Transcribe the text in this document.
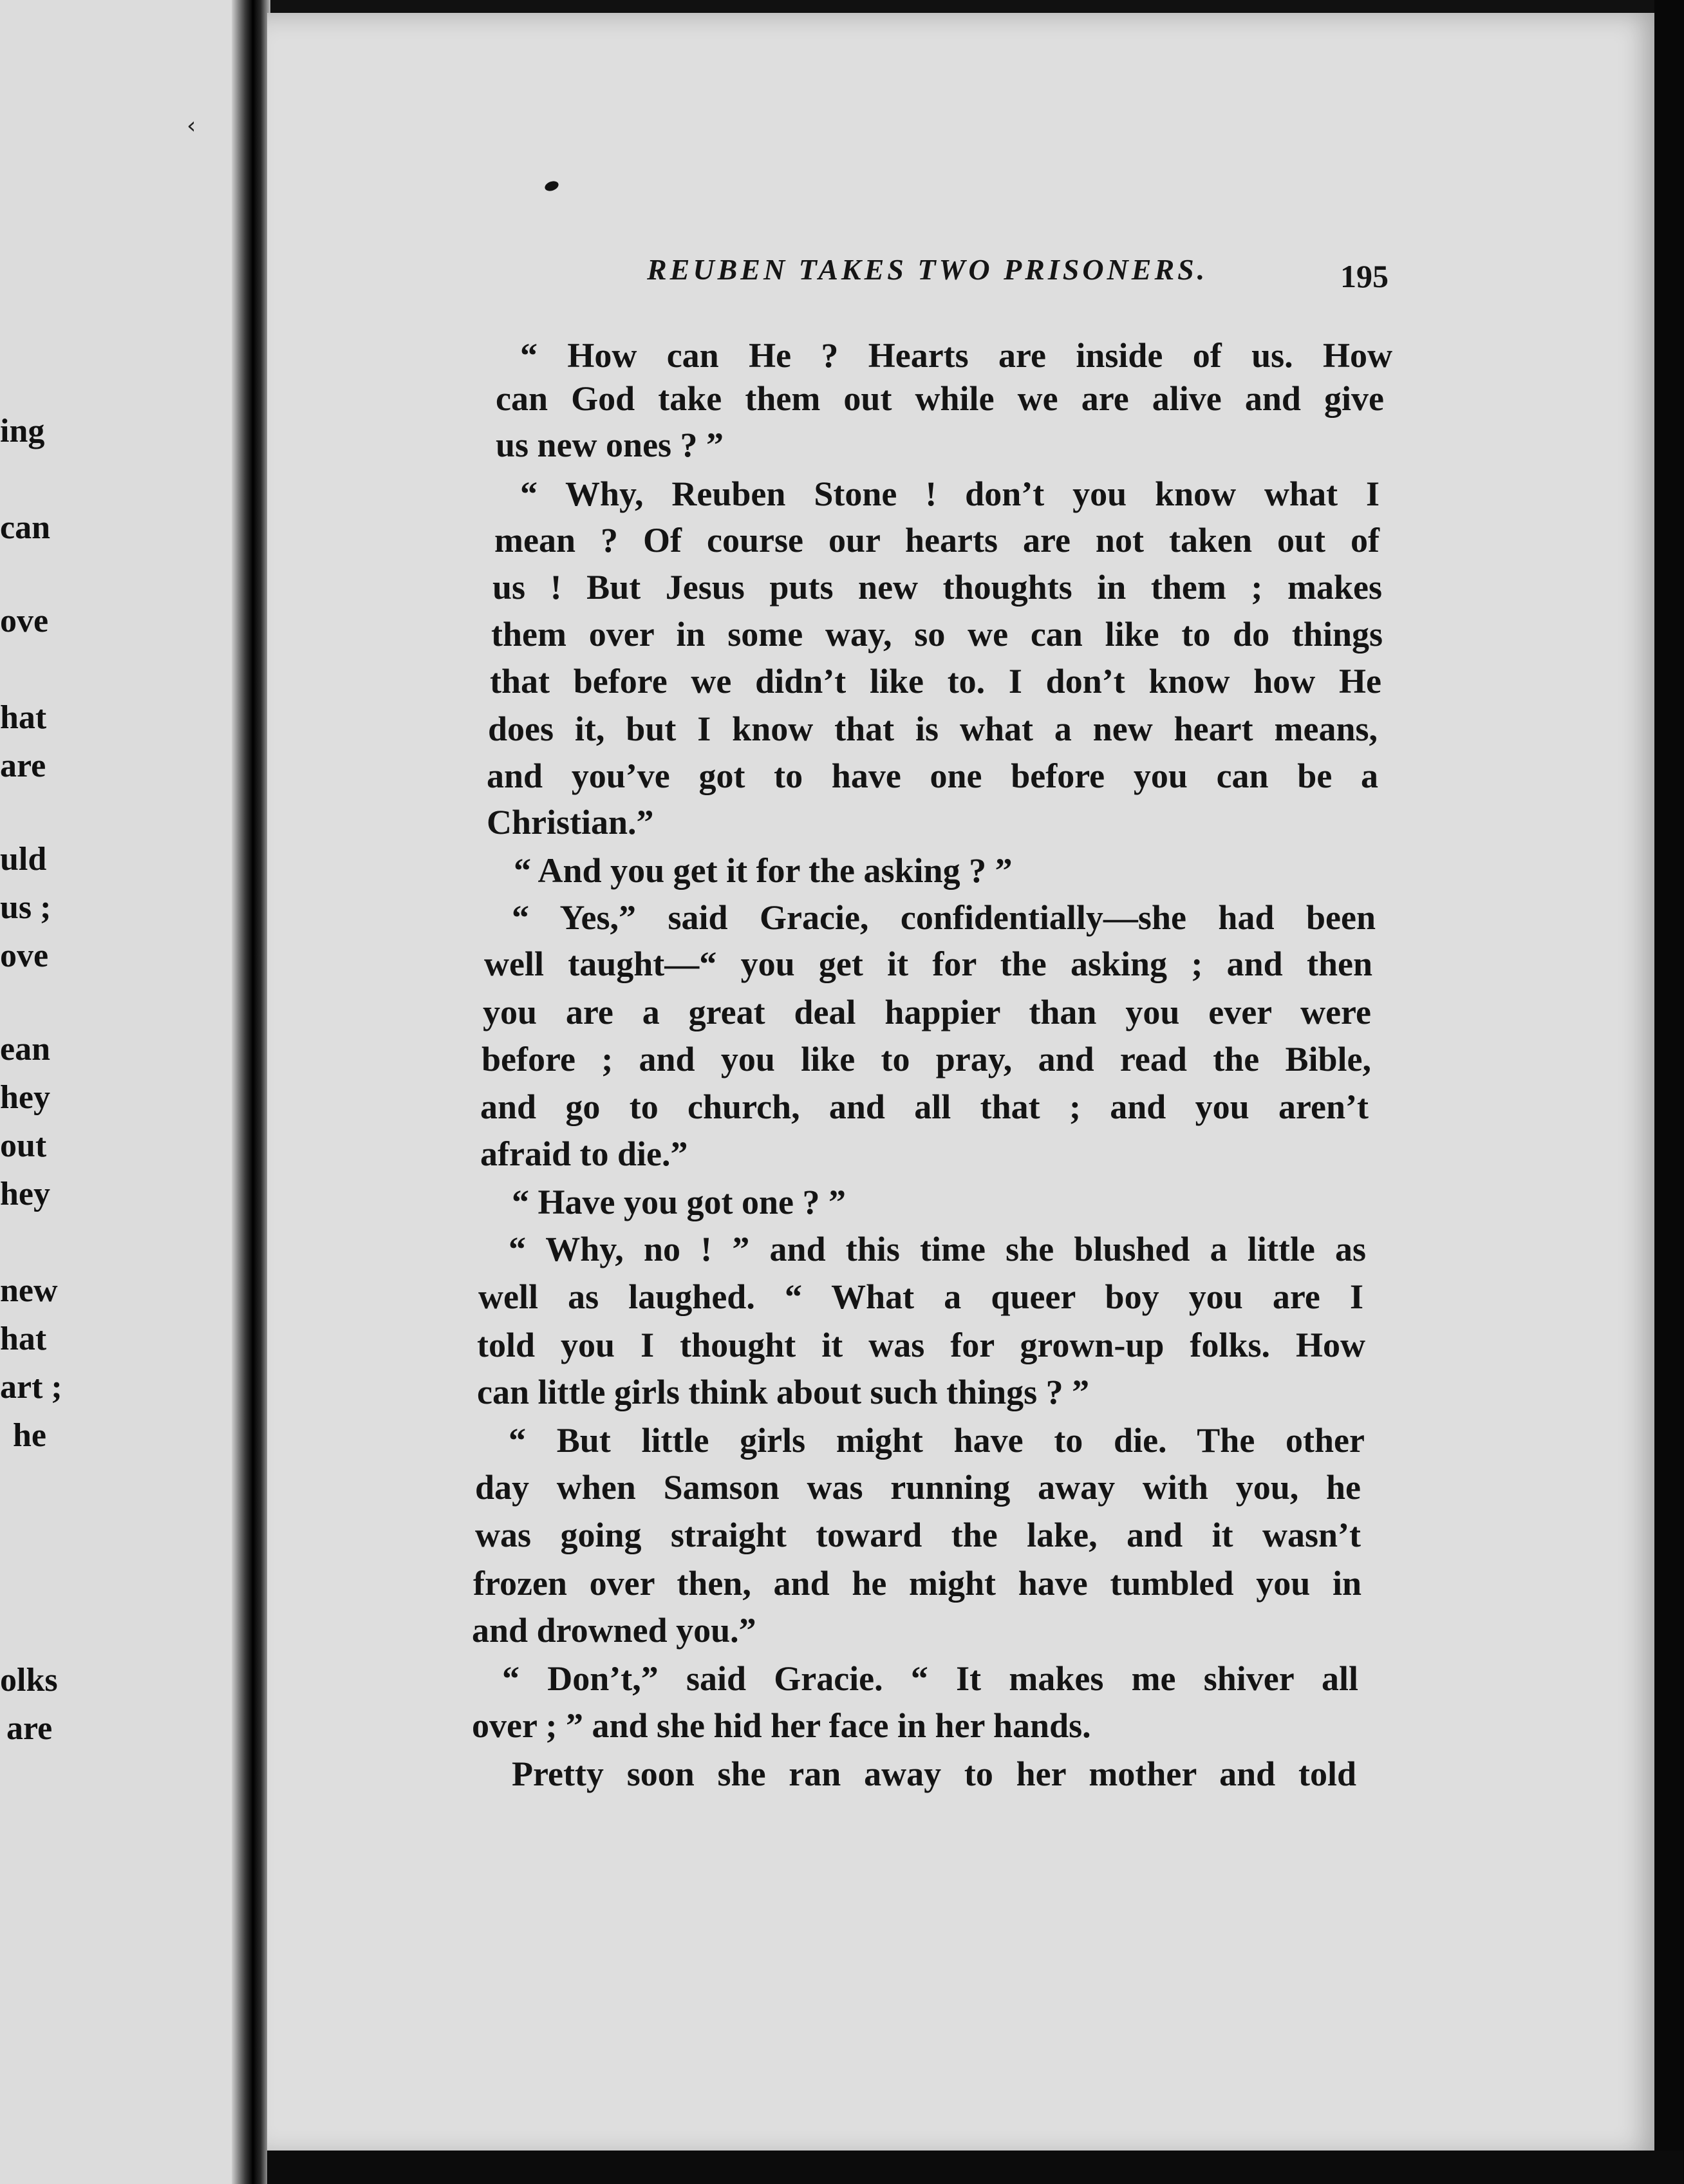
‹
ing
can
ove
hat
are
uld
us ;
ove
ean
hey
out
hey
new
hat
art ;
he
olks
are
REUBEN TAKES TWO PRISONERS.	195
“ How can He ? Hearts are inside of us. How
can God take them out while we are alive and give
us new ones ? ”
“ Why, Reuben Stone ! don’t you know what I
mean ? Of course our hearts are not taken out of
us ! But Jesus puts new thoughts in them ; makes
them over in some way, so we can like to do things
that before we didn’t like to. I don’t know how He
does it, but I know that is what a new heart means,
and you’ve got to have one before you can be a
Christian.”
“ And you get it for the asking ? ”
“ Yes,” said Gracie, confidentially—she had been
well taught—“ you get it for the asking ; and then
you are a great deal happier than you ever were
before ; and you like to pray, and read the Bible,
and go to church, and all that ; and you aren’t
afraid to die.”
“ Have you got one ? ”
“ Why, no ! ” and this time she blushed a little as
well as laughed. “ What a queer boy you are I
told you I thought it was for grown-up folks. How
can little girls think about such things ? ”
“ But little girls might have to die. The other
day when Samson was running away with you, he
was going straight toward the lake, and it wasn’t
frozen over then, and he might have tumbled you in
and drowned you.”
“ Don’t,” said Gracie. “ It makes me shiver all
over ; ” and she hid her face in her hands.
Pretty soon she ran away to her mother and told
